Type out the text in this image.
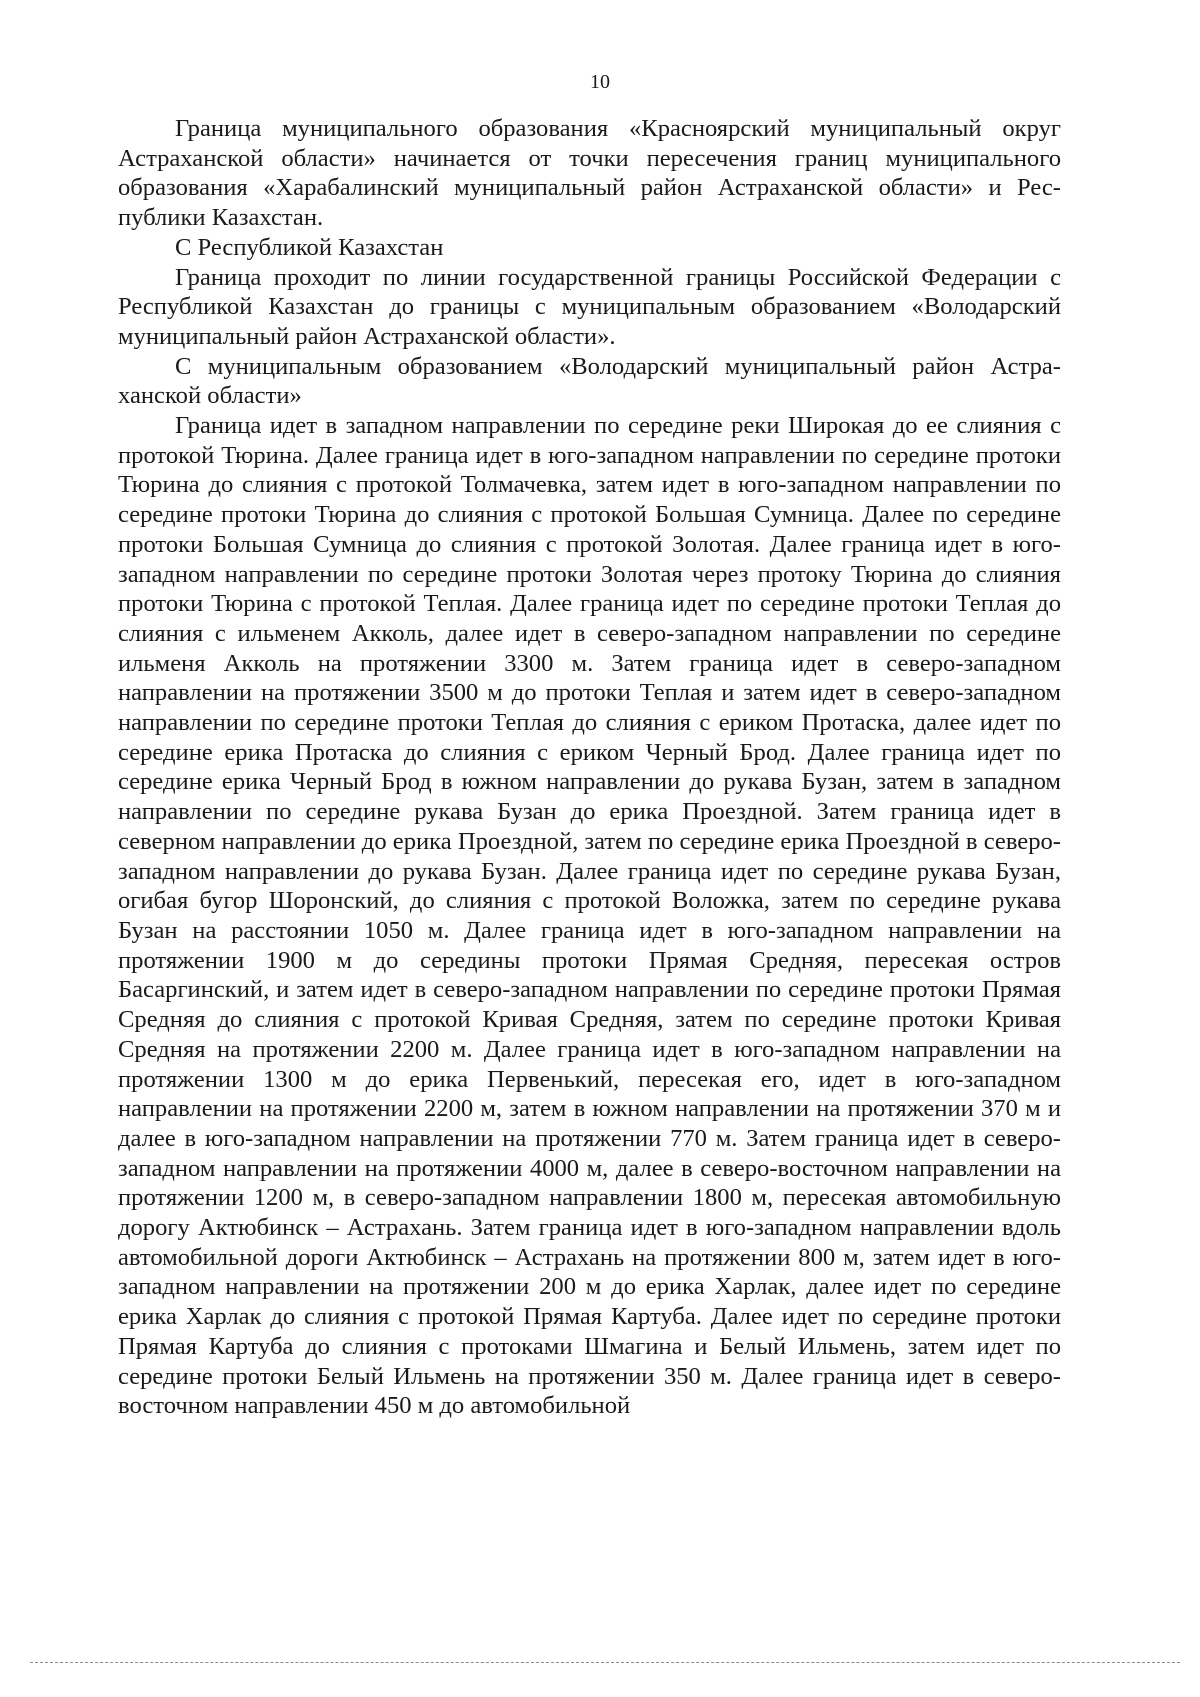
10

Граница муниципального образования «Красноярский муниципальный округ Астраханской области» начинается от точки пересечения границ муниципального образования «Харабалинский муниципальный район Астраханской области» и Республики Казахстан.

С Республикой Казахстан

Граница проходит по линии государственной границы Российской Федерации с Республикой Казахстан до границы с муниципальным образованием «Володарский муниципальный район Астраханской области».

С муниципальным образованием «Володарский муниципальный район Астраханской области»

Граница идет в западном направлении по середине реки Широкая до ее слияния с протокой Тюрина. Далее граница идет в юго-западном направлении по середине протоки Тюрина до слияния с протокой Толмачевка, затем идет в юго-западном направлении по середине протоки Тюрина до слияния с протокой Большая Сумница. Далее по середине протоки Большая Сумница до слияния с протокой Золотая. Далее граница идет в юго-западном направлении по середине протоки Золотая через протоку Тюрина до слияния протоки Тюрина с протокой Теплая. Далее граница идет по середине протоки Теплая до слияния с ильменем Акколь, далее идет в северо-западном направлении по середине ильменя Акколь на протяжении 3300 м. Затем граница идет в северо-западном направлении на протяжении 3500 м до протоки Теплая и затем идет в северо-западном направлении по середине протоки Теплая до слияния с ериком Протаска, далее идет по середине ерика Протаска до слияния с ериком Черный Брод. Далее граница идет по середине ерика Черный Брод в южном направлении до рукава Бузан, затем в западном направлении по середине рукава Бузан до ерика Проездной. Затем граница идет в северном направлении до ерика Проездной, затем по середине ерика Проездной в северо-западном направлении до рукава Бузан. Далее граница идет по середине рукава Бузан, огибая бугор Шоронский, до слияния с протокой Воложка, затем по середине рукава Бузан на расстоянии 1050 м. Далее граница идет в юго-западном направлении на протяжении 1900 м до середины протоки Прямая Средняя, пересекая остров Басаргинский, и затем идет в северо-западном направлении по середине протоки Прямая Средняя до слияния с протокой Кривая Средняя, затем по середине протоки Кривая Средняя на протяжении 2200 м. Далее граница идет в юго-западном направлении на протяжении 1300 м до ерика Первенький, пересекая его, идет в юго-западном направлении на протяжении 2200 м, затем в южном направлении на протяжении 370 м и далее в юго-западном направлении на протяжении 770 м. Затем граница идет в северо-западном направлении на протяжении 4000 м, далее в северо-восточном направлении на протяжении 1200 м, в северо-западном направлении 1800 м, пересекая автомобильную дорогу Актюбинск – Астрахань. Затем граница идет в юго-западном направлении вдоль автомобильной дороги Актюбинск – Астрахань на протяжении 800 м, затем идет в юго-западном направлении на протяжении 200 м до ерика Харлак, далее идет по середине ерика Харлак до слияния с протокой Прямая Картуба. Далее идет по середине протоки Прямая Картуба до слияния с протоками Шмагина и Белый Ильмень, затем идет по середине протоки Белый Ильмень на протяжении 350 м. Далее граница идет в северо-восточном направлении 450 м до автомобильной
